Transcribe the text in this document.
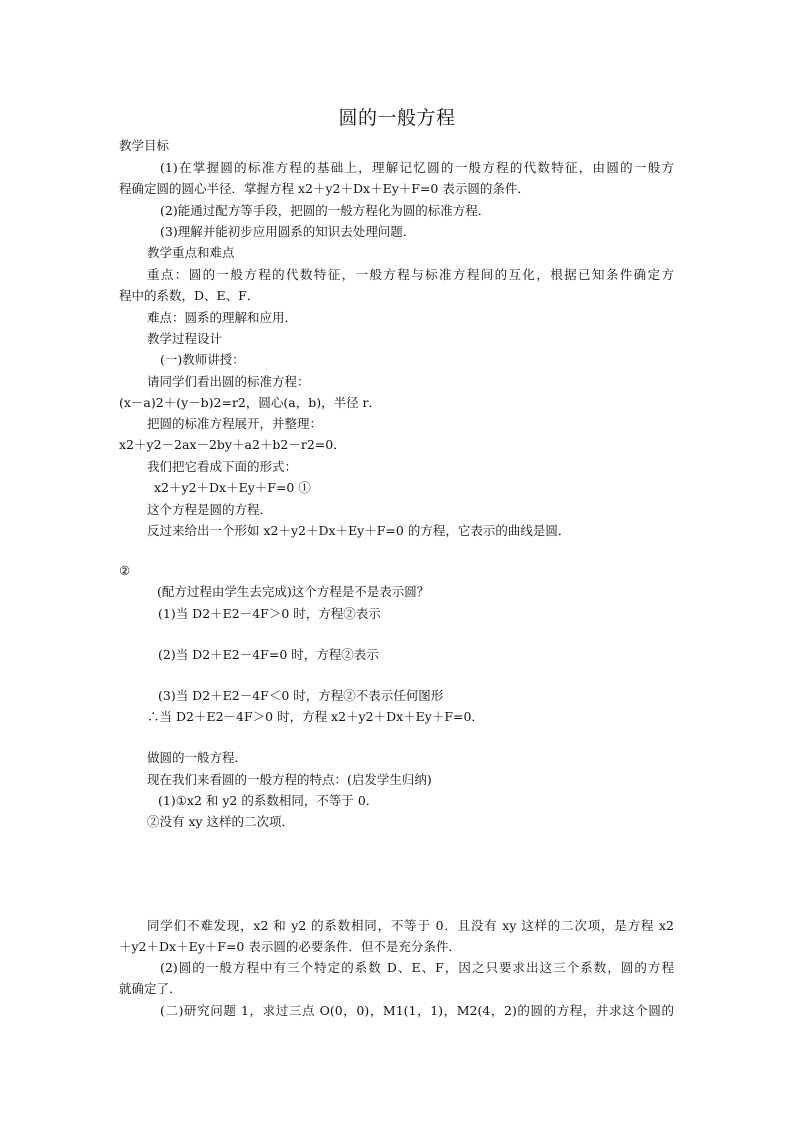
圆的一般方程
教学目标
(1)在掌握圆的标准方程的基础上，理解记忆圆的一般方程的代数特征，由圆的一般方
程确定圆的圆心半径．掌握方程 x2＋y2＋Dx＋Ey＋F=0 表示圆的条件．
(2)能通过配方等手段，把圆的一般方程化为圆的标准方程．
(3)理解并能初步应用圆系的知识去处理问题．
教学重点和难点
重点：圆的一般方程的代数特征，一般方程与标准方程间的互化，根据已知条件确定方
程中的系数，D、E、F．
难点：圆系的理解和应用．
教学过程设计
(一)教师讲授：
请同学们看出圆的标准方程：
(x－a)2＋(y－b)2=r2，圆心(a，b)，半径 r．
把圆的标准方程展开，并整理：
x2＋y2－2ax－2by＋a2＋b2－r2=0．
我们把它看成下面的形式：
x2＋y2＋Dx＋Ey＋F=0 ①
这个方程是圆的方程．
反过来给出一个形如 x2＋y2＋Dx＋Ey＋F=0 的方程，它表示的曲线是圆．
②
(配方过程由学生去完成)这个方程是不是表示圆？
(1)当 D2＋E2－4F＞0 时，方程②表示
(2)当 D2＋E2－4F=0 时，方程②表示
(3)当 D2＋E2－4F＜0 时，方程②不表示任何图形
∴当 D2＋E2－4F＞0 时，方程 x2＋y2＋Dx＋Ey＋F=0．
做圆的一般方程．
现在我们来看圆的一般方程的特点：(启发学生归纳)
(1)①x2 和 y2 的系数相同，不等于 0．
②没有 xy 这样的二次项．
同学们不难发现，x2 和 y2 的系数相同，不等于 0．且没有 xy 这样的二次项，是方程 x2
＋y2＋Dx＋Ey＋F=0 表示圆的必要条件．但不是充分条件．
(2)圆的一般方程中有三个特定的系数 D、E、F，因之只要求出这三个系数，圆的方程
就确定了．
(二)研究问题 1，求过三点 O(0，0)，M1(1，1)，M2(4，2)的圆的方程，并求这个圆的
